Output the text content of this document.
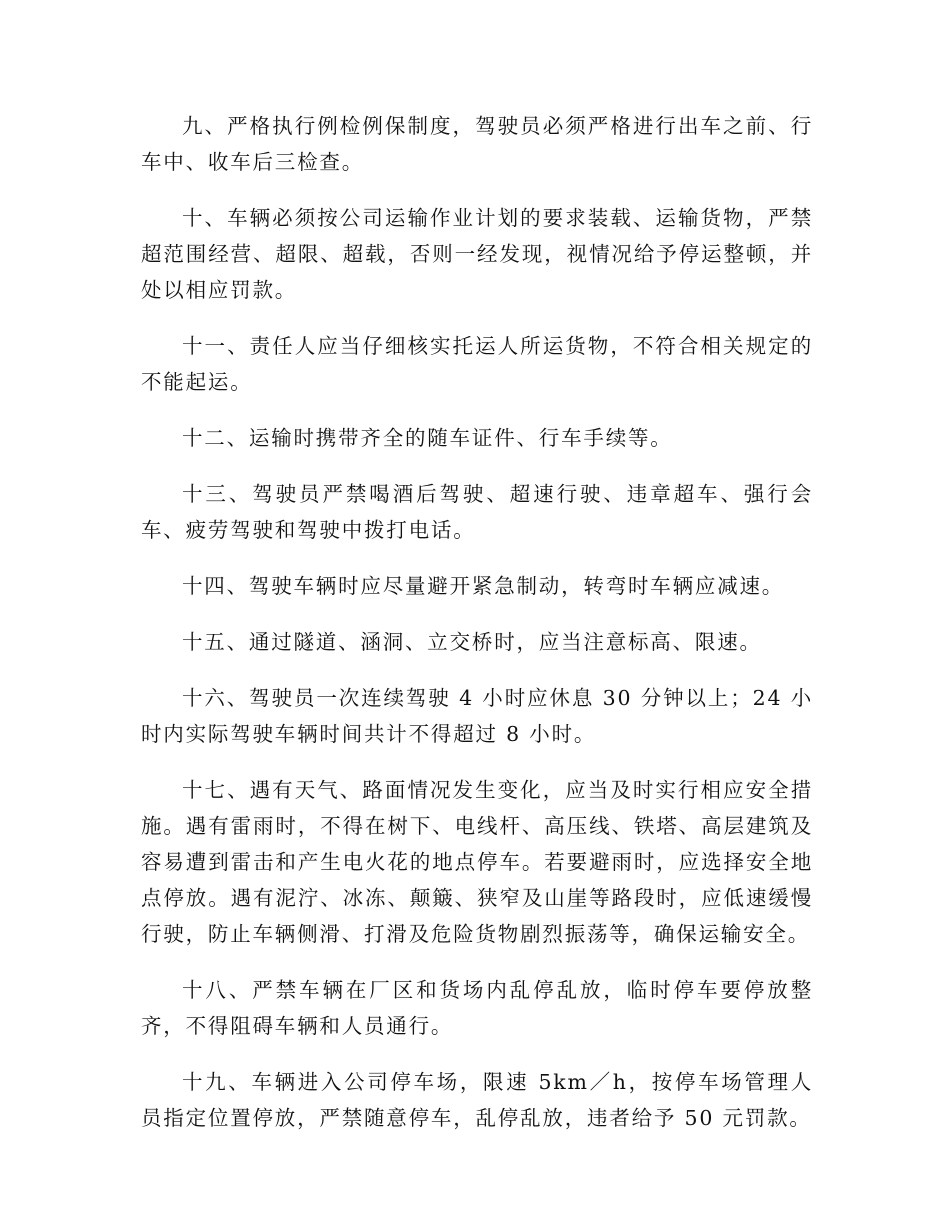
九、严格执行例检例保制度，驾驶员必须严格进行出车之前、行车中、收车后三检查。

十、车辆必须按公司运输作业计划的要求装载、运输货物，严禁超范围经营、超限、超载，否则一经发现，视情况给予停运整顿，并处以相应罚款。

十一、责任人应当仔细核实托运人所运货物，不符合相关规定的不能起运。

十二、运输时携带齐全的随车证件、行车手续等。

十三、驾驶员严禁喝酒后驾驶、超速行驶、违章超车、强行会车、疲劳驾驶和驾驶中拨打电话。

十四、驾驶车辆时应尽量避开紧急制动，转弯时车辆应减速。

十五、通过隧道、涵洞、立交桥时，应当注意标高、限速。

十六、驾驶员一次连续驾驶 4 小时应休息 30 分钟以上；24 小时内实际驾驶车辆时间共计不得超过 8 小时。

十七、遇有天气、路面情况发生变化，应当及时实行相应安全措施。遇有雷雨时，不得在树下、电线杆、高压线、铁塔、高层建筑及容易遭到雷击和产生电火花的地点停车。若要避雨时，应选择安全地点停放。遇有泥泞、冰冻、颠簸、狭窄及山崖等路段时，应低速缓慢行驶，防止车辆侧滑、打滑及危险货物剧烈振荡等，确保运输安全。

十八、严禁车辆在厂区和货场内乱停乱放，临时停车要停放整齐，不得阻碍车辆和人员通行。

十九、车辆进入公司停车场，限速 5km／h，按停车场管理人员指定位置停放，严禁随意停车，乱停乱放，违者给予 50 元罚款。
